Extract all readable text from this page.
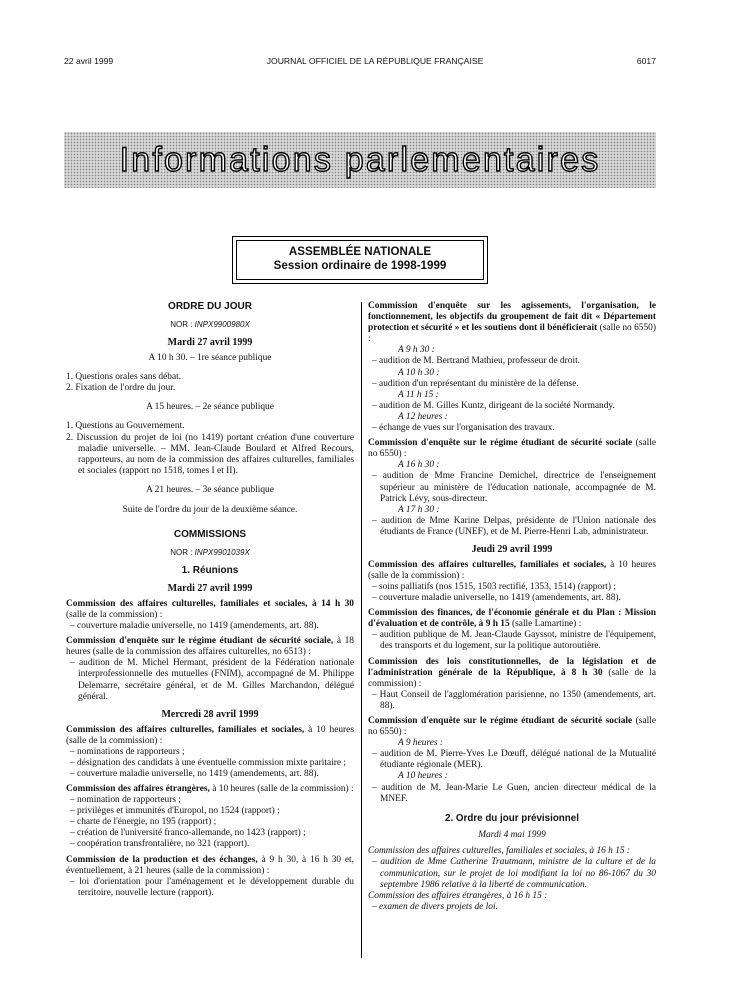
22 avril 1999	JOURNAL OFFICIEL DE LA RÉPUBLIQUE FRANÇAISE	6017
Informations parlementaires
ASSEMBLÉE NATIONALE
Session ordinaire de 1998-1999
ORDRE DU JOUR
NOR : INPX9900980X
Mardi 27 avril 1999
A 10 h 30. – 1re séance publique
1. Questions orales sans débat.
2. Fixation de l'ordre du jour.
A 15 heures. – 2e séance publique
1. Questions au Gouvernement.
2. Discussion du projet de loi (no 1419) portant création d'une couverture maladie universelle. – MM. Jean-Claude Boulard et Alfred Recours, rapporteurs, au nom de la commission des affaires culturelles, familiales et sociales (rapport no 1518, tomes I et II).
A 21 heures. – 3e séance publique
Suite de l'ordre du jour de la deuxième séance.
COMMISSIONS
NOR : INPX9901039X
1. Réunions
Mardi 27 avril 1999
Commission des affaires culturelles, familiales et sociales, à 14 h 30 (salle de la commission) :
– couverture maladie universelle, no 1419 (amendements, art. 88).
Commission d'enquête sur le régime étudiant de sécurité sociale, à 18 heures (salle de la commission des affaires culturelles, no 6513) :
– audition de M. Michel Hermant, président de la Fédération nationale interprofessionnelle des mutuelles (FNIM), accompagné de M. Philippe Delemarre, secrétaire général, et de M. Gilles Marchandon, délégué général.
Mercredi 28 avril 1999
Commission des affaires culturelles, familiales et sociales, à 10 heures (salle de la commission) :
– nominations de rapporteurs ;
– désignation des candidats à une éventuelle commission mixte paritaire ;
– couverture maladie universelle, no 1419 (amendements, art. 88).
Commission des affaires étrangères, à 10 heures (salle de la commission) :
– nomination de rapporteurs ;
– privilèges et immunités d'Europol, no 1524 (rapport) ;
– charte de l'énergie, no 195 (rapport) ;
– création de l'université franco-allemande, no 1423 (rapport) ;
– coopération transfrontalière, no 321 (rapport).
Commission de la production et des échanges, à 9 h 30, à 16 h 30 et, éventuellement, à 21 heures (salle de la commission) :
– loi d'orientation pour l'aménagement et le développement durable du territoire, nouvelle lecture (rapport).
Commission d'enquête sur les agissements, l'organisation, le fonctionnement, les objectifs du groupement de fait dit « Département protection et sécurité » et les soutiens dont il bénéficierait (salle no 6550) :
A 9 h 30 :
– audition de M. Bertrand Mathieu, professeur de droit.
A 10 h 30 :
– audition d'un représentant du ministère de la défense.
A 11 h 15 :
– audition de M. Gilles Kuntz, dirigeant de la société Normandy.
A 12 heures :
– échange de vues sur l'organisation des travaux.
Commission d'enquête sur le régime étudiant de sécurité sociale (salle no 6550) :
A 16 h 30 :
– audition de Mme Francine Demichel, directrice de l'enseignement supérieur au ministère de l'éducation nationale, accompagnée de M. Patrick Lévy, sous-directeur.
A 17 h 30 :
– audition de Mme Karine Delpas, présidente de l'Union nationale des étudiants de France (UNEF), et de M. Pierre-Henri Lab, administrateur.
Jeudi 29 avril 1999
Commission des affaires culturelles, familiales et sociales, à 10 heures (salle de la commission) :
– soins palliatifs (nos 1515, 1503 rectifié, 1353, 1514) (rapport) ;
– couverture maladie universelle, no 1419 (amendements, art. 88).
Commission des finances, de l'économie générale et du Plan : Mission d'évaluation et de contrôle, à 9 h 15 (salle Lamartine) :
– audition publique de M. Jean-Claude Gayssot, ministre de l'équipement, des transports et du logement, sur la politique autoroutière.
Commission des lois constitutionnelles, de la législation et de l'administration générale de la République, à 8 h 30 (salle de la commission) :
– Haut Conseil de l'agglomération parisienne, no 1350 (amendements, art. 88).
Commission d'enquête sur le régime étudiant de sécurité sociale (salle no 6550) :
A 9 heures :
– audition de M. Pierre-Yves Le Dœuff, délégué national de la Mutualité étudiante régionale (MER).
A 10 heures :
– audition de M. Jean-Marie Le Guen, ancien directeur médical de la MNEF.
2. Ordre du jour prévisionnel
Mardi 4 mai 1999
Commission des affaires culturelles, familiales et sociales, à 16 h 15 :
– audition de Mme Catherine Trautmann, ministre de la culture et de la communication, sur le projet de loi modifiant la loi no 86-1067 du 30 septembre 1986 relative à la liberté de communication.
Commission des affaires étrangères, à 16 h 15 :
– examen de divers projets de loi.
